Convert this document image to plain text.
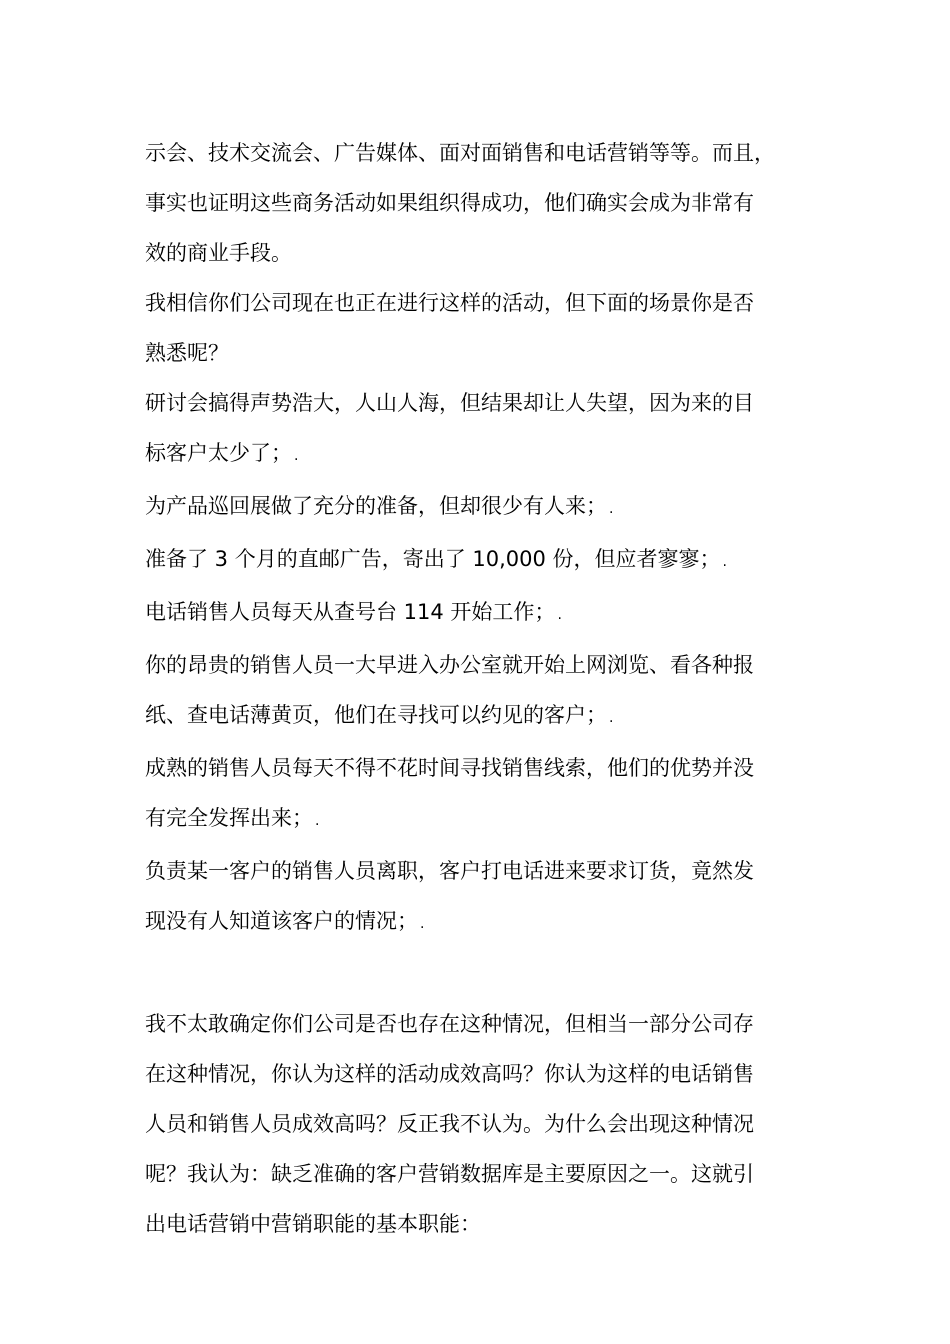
示会、技术交流会、广告媒体、面对面销售和电话营销等等。而且，

事实也证明这些商务活动如果组织得成功，他们确实会成为非常有

效的商业手段。

我相信你们公司现在也正在进行这样的活动，但下面的场景你是否

熟悉呢？

研讨会搞得声势浩大，人山人海，但结果却让人失望，因为来的目

标客户太少了； .

为产品巡回展做了充分的准备，但却很少有人来； .

准备了 3 个月的直邮广告，寄出了 10,000 份，但应者寥寥； .

电话销售人员每天从查号台 114 开始工作； .

你的昂贵的销售人员一大早进入办公室就开始上网浏览、看各种报

纸、查电话薄黄页，他们在寻找可以约见的客户； .

成熟的销售人员每天不得不花时间寻找销售线索，他们的优势并没

有完全发挥出来； .

负责某一客户的销售人员离职，客户打电话进来要求订货，竟然发

现没有人知道该客户的情况； .

我不太敢确定你们公司是否也存在这种情况，但相当一部分公司存

在这种情况，你认为这样的活动成效高吗？你认为这样的电话销售

人员和销售人员成效高吗？反正我不认为。为什么会出现这种情况

呢？我认为：缺乏准确的客户营销数据库是主要原因之一。这就引

出电话营销中营销职能的基本职能：
